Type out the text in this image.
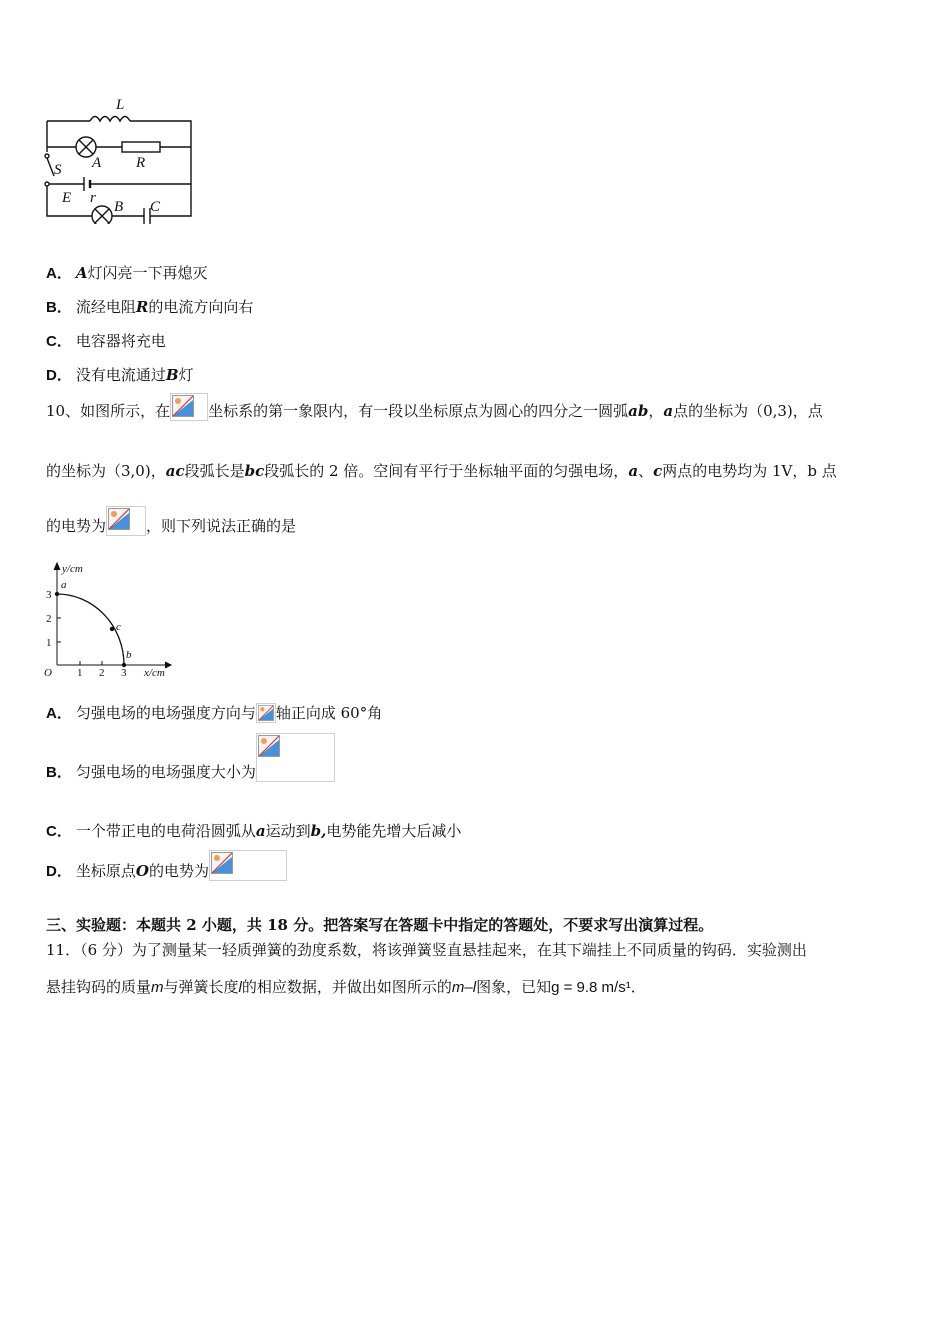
L
A R
S
E r
B C
A． A灯闪亮一下再熄灭
B． 流经电阻R的电流方向向右
C． 电容器将充电
D． 没有电流通过B灯
10、如图所示，在	坐标系的第一象限内，有一段以坐标原点为圆心的四分之一圆弧ab，a点的坐标为（0,3)，点
的坐标为（3,0)，ac段弧长是bc段弧长的 2 倍。空间有平行于坐标轴平面的匀强电场，a、c两点的电势均为 1V，b 点
的电势为	，则下列说法正确的是
y/cm
x/cm
O
1
2
3
1 2 3
a
c
b
A． 匀强电场的电场强度方向与 轴正向成 60°角
B． 匀强电场的电场强度大小为
C． 一个带正电的电荷沿圆弧从a运动到b,电势能先增大后减小
D． 坐标原点O的电势为
三、实验题：本题共 2 小题，共 18 分。把答案写在答题卡中指定的答题处，不要求写出演算过程。
11．（6 分）为了测量某一轻质弹簧的劲度系数，将该弹簧竖直悬挂起来，在其下端挂上不同质量的钩码．实验测出
悬挂钩码的质量m与弹簧长度l的相应数据，并做出如图所示的m–l图象，已知g = 9.8 m/s¹．
